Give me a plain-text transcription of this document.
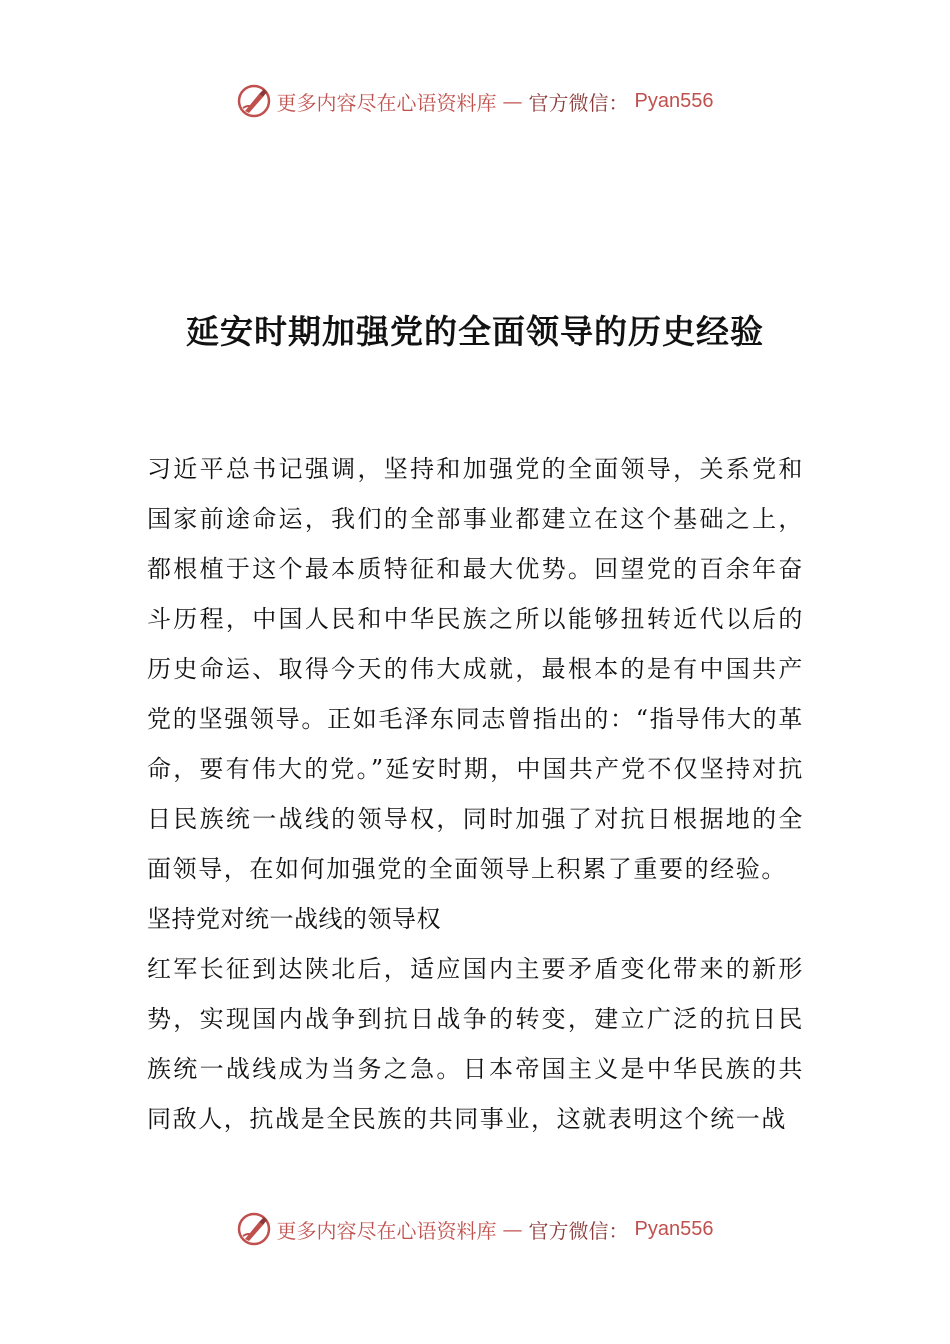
更多内容尽在心语资料库 — 官方微信： Pyan556
延安时期加强党的全面领导的历史经验

习近平总书记强调，坚持和加强党的全面领导，关系党和国家前途命运，我们的全部事业都建立在这个基础之上，都根植于这个最本质特征和最大优势。回望党的百余年奋斗历程，中国人民和中华民族之所以能够扭转近代以后的历史命运、取得今天的伟大成就，最根本的是有中国共产党的坚强领导。正如毛泽东同志曾指出的：“指导伟大的革命，要有伟大的党。”延安时期，中国共产党不仅坚持对抗日民族统一战线的领导权，同时加强了对抗日根据地的全面领导，在如何加强党的全面领导上积累了重要的经验。

坚持党对统一战线的领导权

红军长征到达陕北后，适应国内主要矛盾变化带来的新形势，实现国内战争到抗日战争的转变，建立广泛的抗日民族统一战线成为当务之急。日本帝国主义是中华民族的共同敌人，抗战是全民族的共同事业，这就表明这个统一战

更多内容尽在心语资料库 — 官方微信： Pyan556
